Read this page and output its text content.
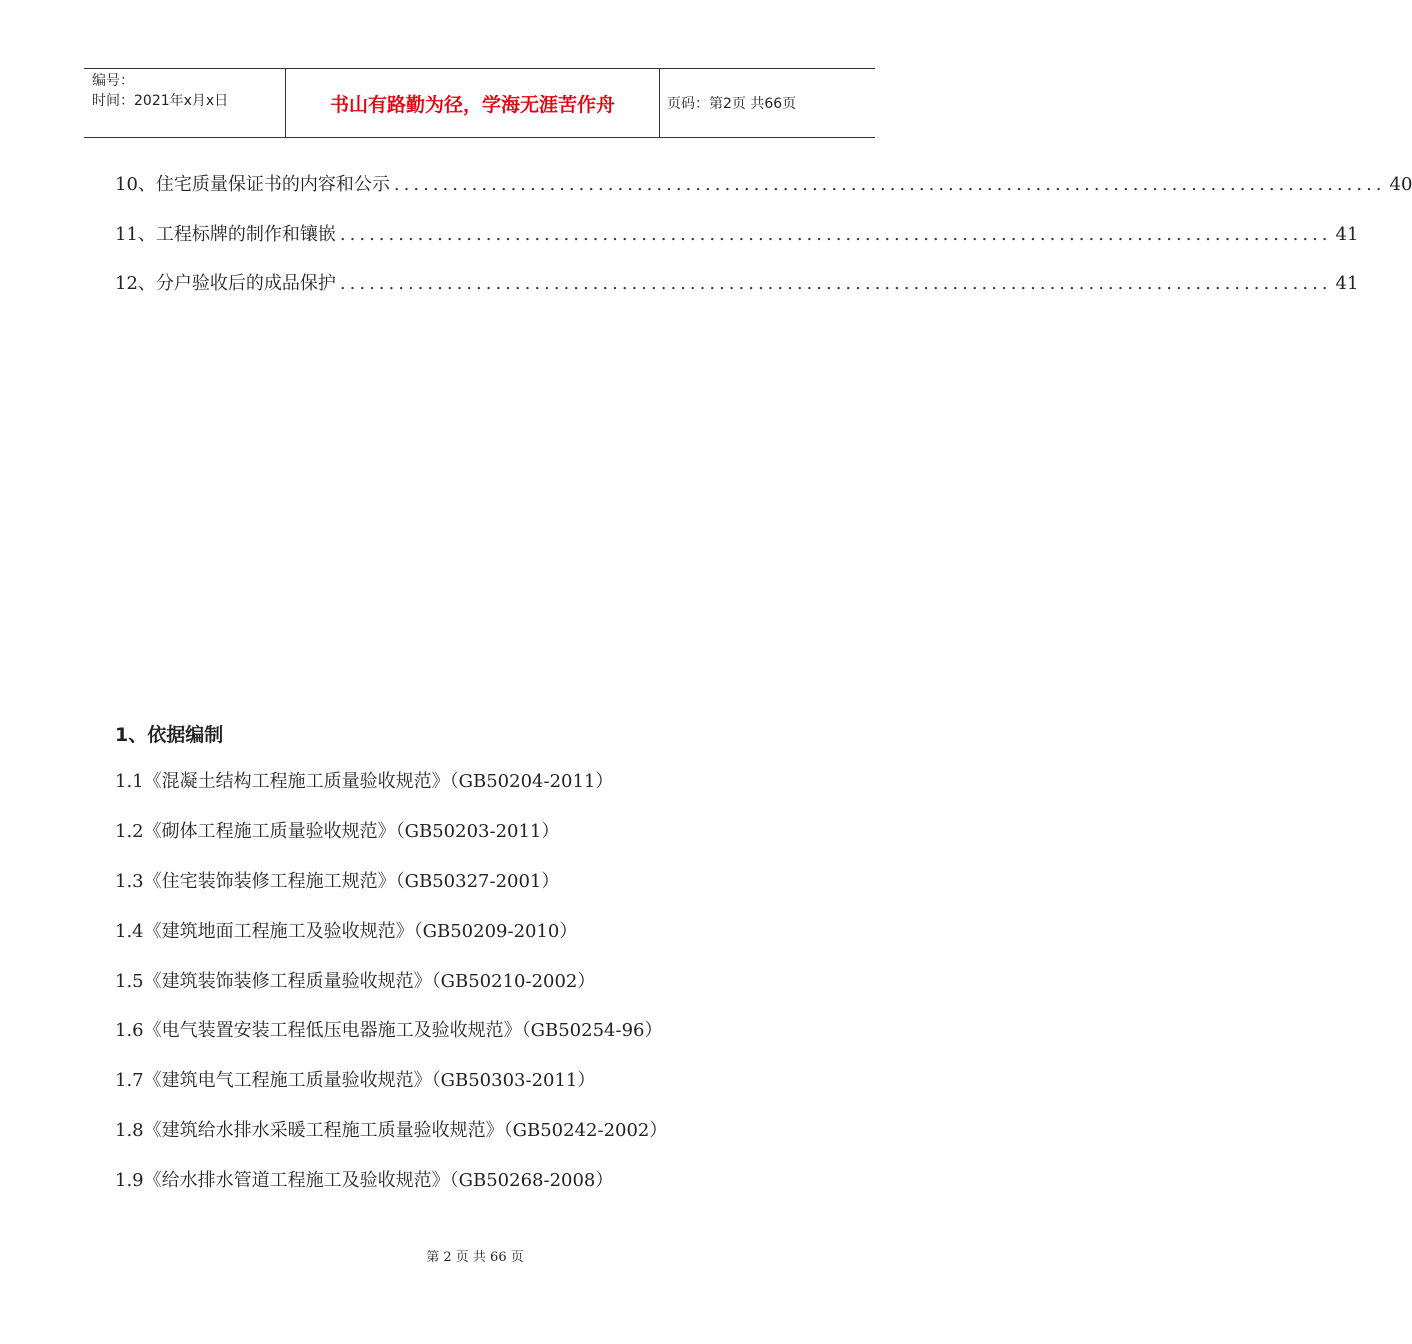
编号：
时间：2021年x月x日	书山有路勤为径，学海无涯苦作舟	页码：第2页 共66页
10、住宅质量保证书的内容和公示 ...................................................................................................... 40
11、工程标牌的制作和镶嵌 ...................................................................................................... 41
12、分户验收后的成品保护 ...................................................................................................... 41
1、依据编制
1.1《混凝土结构工程施工质量验收规范》（GB50204-2011）
1.2《砌体工程施工质量验收规范》（GB50203-2011）
1.3《住宅装饰装修工程施工规范》（GB50327-2001）
1.4《建筑地面工程施工及验收规范》（GB50209-2010）
1.5《建筑装饰装修工程质量验收规范》（GB50210-2002）
1.6《电气装置安装工程低压电器施工及验收规范》（GB50254-96）
1.7《建筑电气工程施工质量验收规范》（GB50303-2011）
1.8《建筑给水排水采暖工程施工质量验收规范》（GB50242-2002）
1.9《给水排水管道工程施工及验收规范》（GB50268-2008）
第 2 页 共 66 页
